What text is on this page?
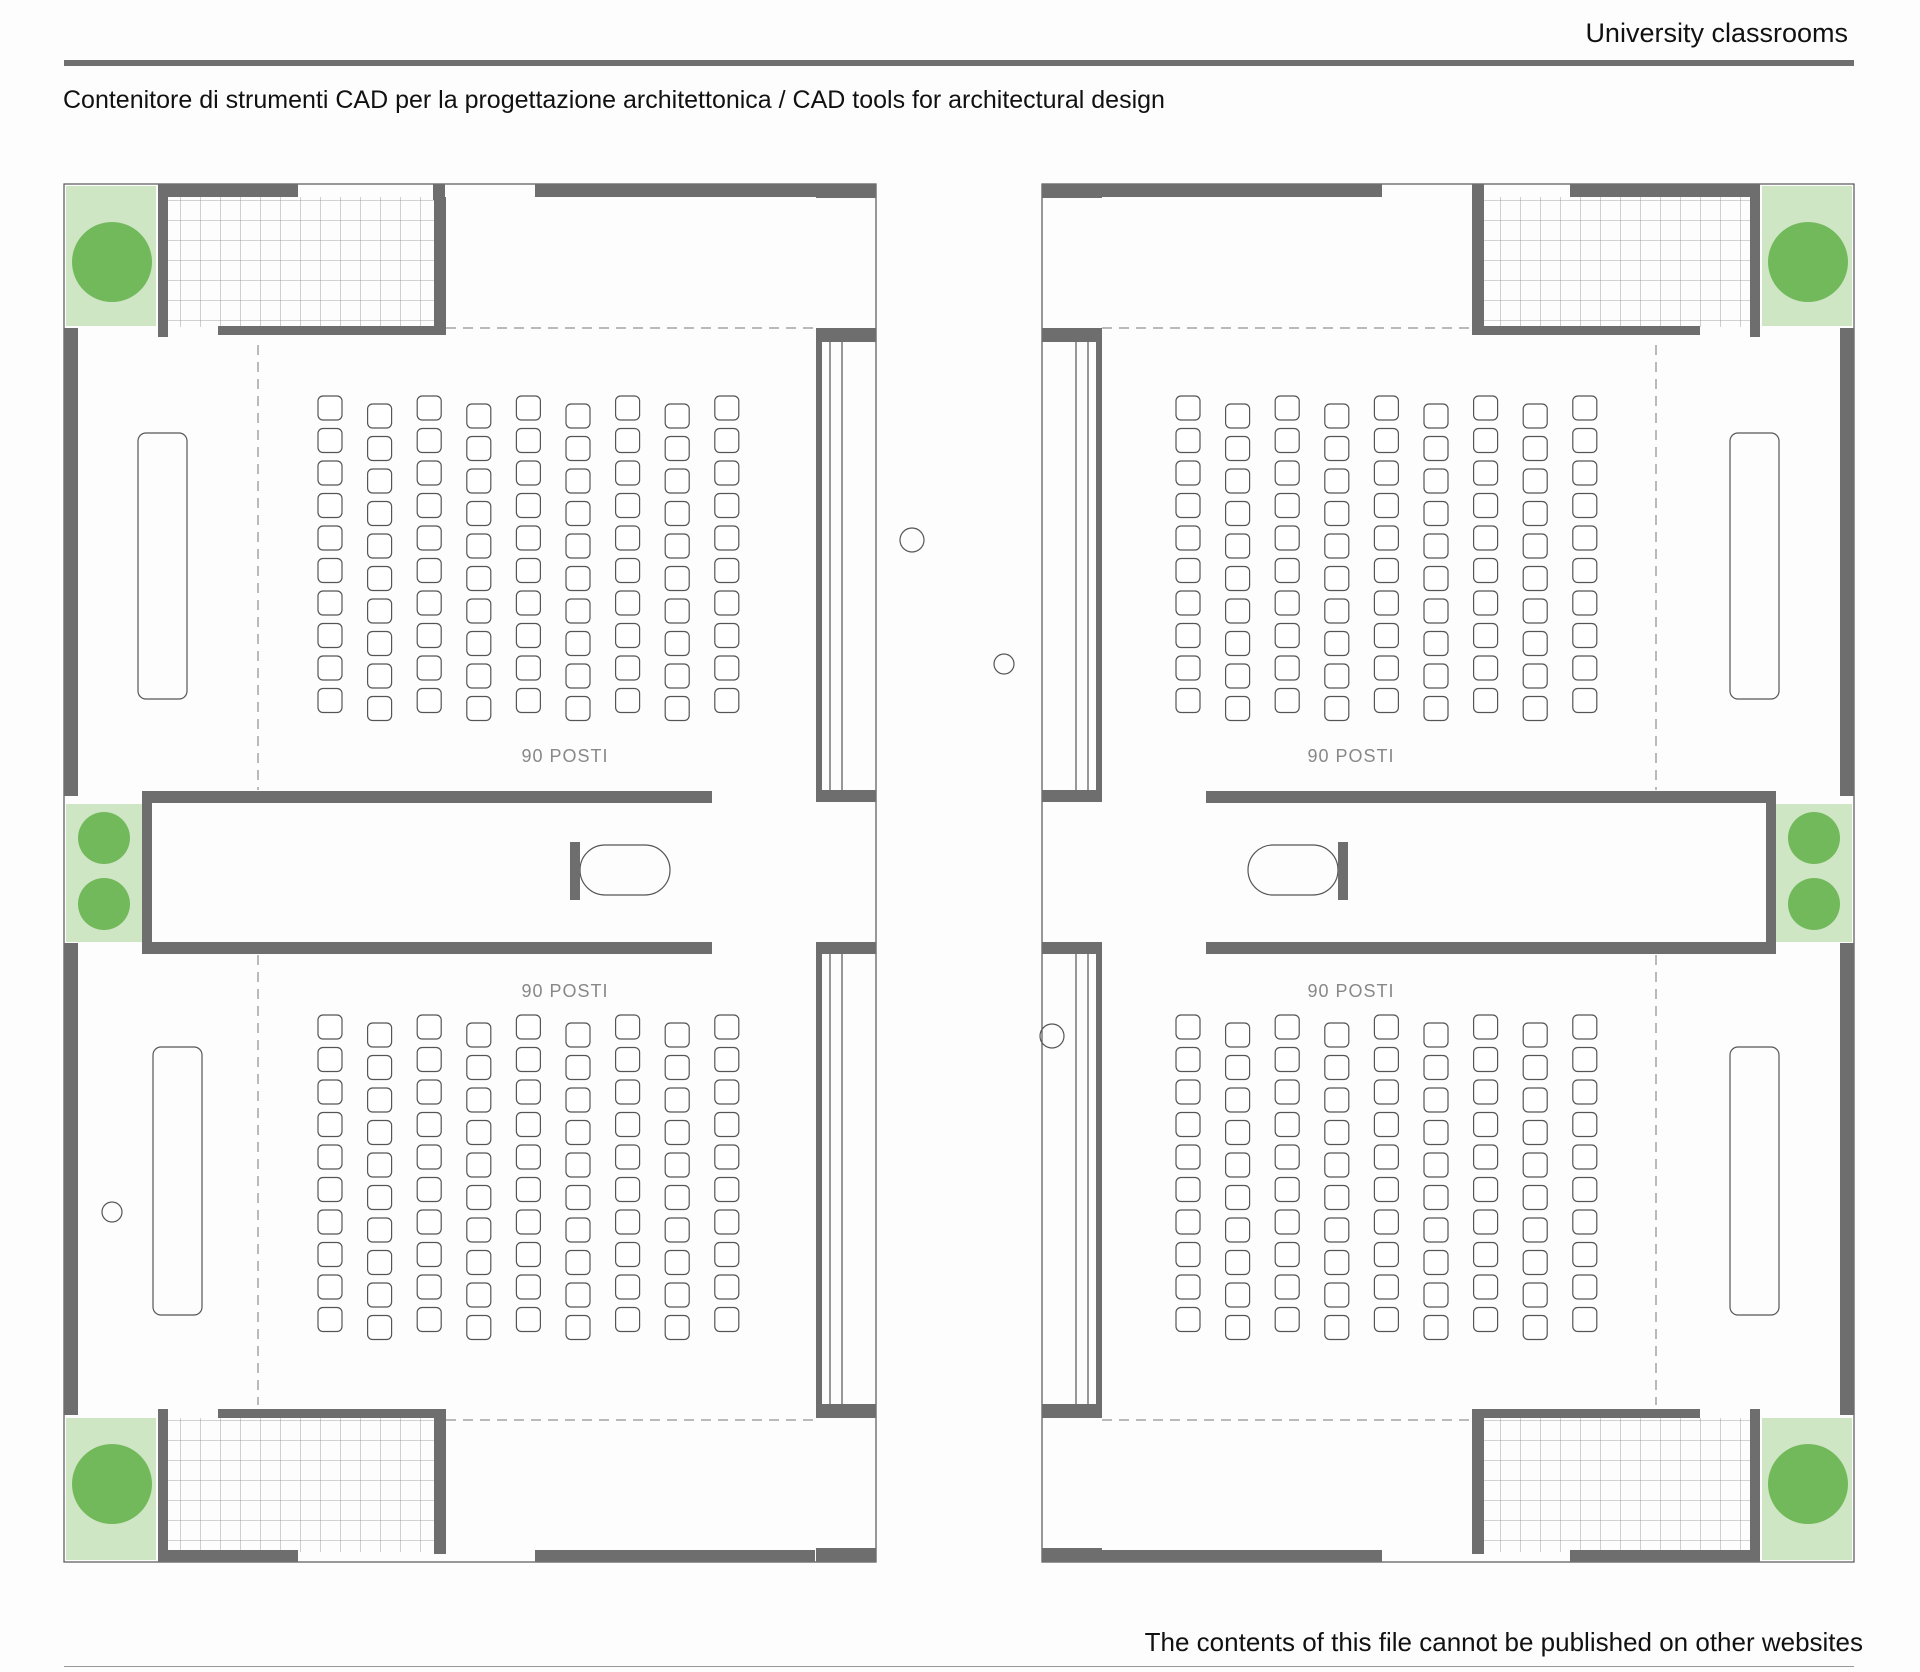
University classrooms
Contenitore di strumenti CAD per la progettazione architettonica / CAD tools for architectural design
90 POSTI	90 POSTI
90 POSTI	90 POSTI
The contents of this file cannot be published on other websites
